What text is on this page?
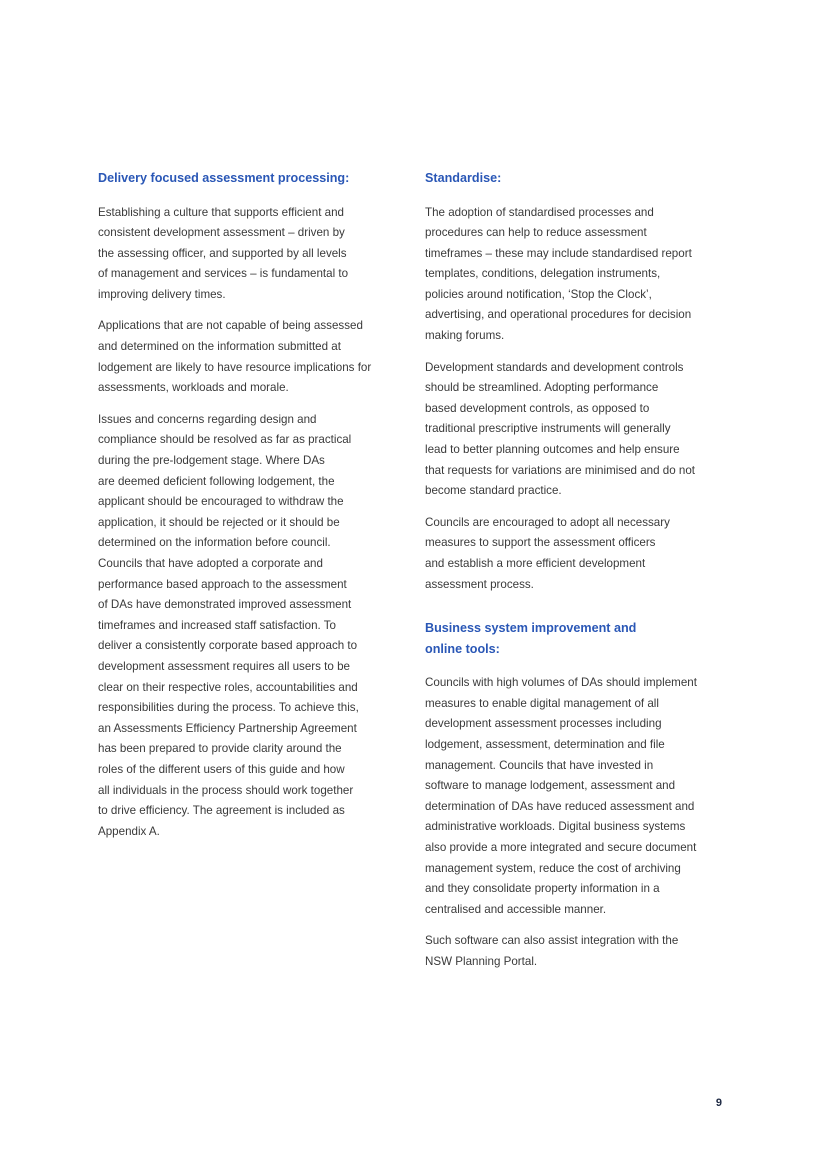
Delivery focused assessment processing:
Establishing a culture that supports efficient and
consistent development assessment – driven by
the assessing officer, and supported by all levels
of management and services – is fundamental to
improving delivery times.
Applications that are not capable of being assessed
and determined on the information submitted at
lodgement are likely to have resource implications for
assessments, workloads and morale.
Issues and concerns regarding design and
compliance should be resolved as far as practical
during the pre-lodgement stage. Where DAs
are deemed deficient following lodgement, the
applicant should be encouraged to withdraw the
application, it should be rejected or it should be
determined on the information before council.
Councils that have adopted a corporate and
performance based approach to the assessment
of DAs have demonstrated improved assessment
timeframes and increased staff satisfaction. To
deliver a consistently corporate based approach to
development assessment requires all users to be
clear on their respective roles, accountabilities and
responsibilities during the process. To achieve this,
an Assessments Efficiency Partnership Agreement
has been prepared to provide clarity around the
roles of the different users of this guide and how
all individuals in the process should work together
to drive efficiency. The agreement is included as
Appendix A.
Standardise:
The adoption of standardised processes and
procedures can help to reduce assessment
timeframes – these may include standardised report
templates, conditions, delegation instruments,
policies around notification, ‘Stop the Clock’,
advertising, and operational procedures for decision
making forums.
Development standards and development controls
should be streamlined. Adopting performance
based development controls, as opposed to
traditional prescriptive instruments will generally
lead to better planning outcomes and help ensure
that requests for variations are minimised and do not
become standard practice.
Councils are encouraged to adopt all necessary
measures to support the assessment officers
and establish a more efficient development
assessment process.
Business system improvement and
online tools:
Councils with high volumes of DAs should implement
measures to enable digital management of all
development assessment processes including
lodgement, assessment, determination and file
management. Councils that have invested in
software to manage lodgement, assessment and
determination of DAs have reduced assessment and
administrative workloads. Digital business systems
also provide a more integrated and secure document
management system, reduce the cost of archiving
and they consolidate property information in a
centralised and accessible manner.
Such software can also assist integration with the
NSW Planning Portal.
9
